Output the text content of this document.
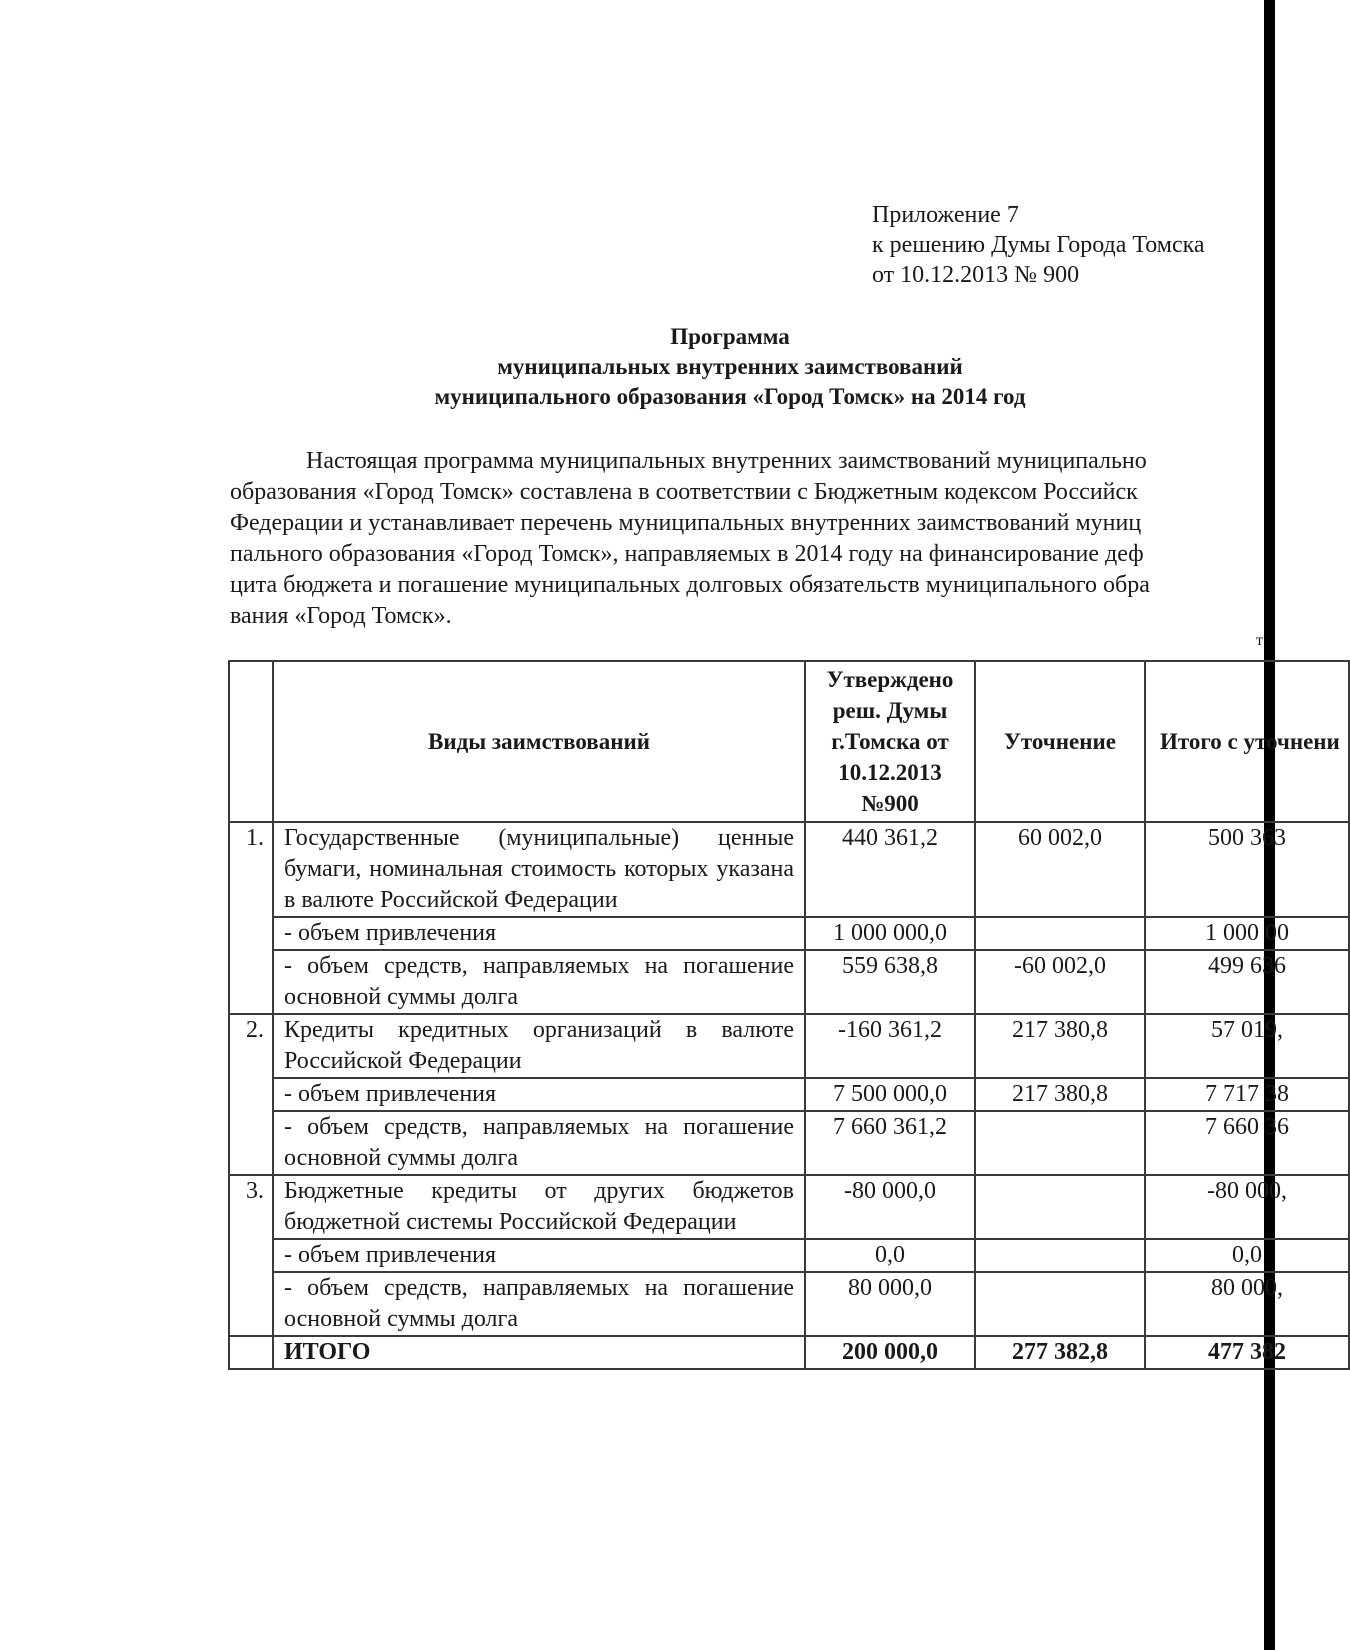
Приложение 7
к решению Думы Города Томска
от 10.12.2013 № 900
Программа
муниципальных внутренних заимствований
муниципального образования «Город Томск» на 2014 год
Настоящая программа муниципальных внутренних заимствований муниципально
образования «Город Томск» составлена в соответствии с Бюджетным кодексом Российск
Федерации и устанавливает перечень муниципальных внутренних заимствований муниц
пального образования «Город Томск», направляемых в 2014 году на финансирование деф
цита бюджета и погашение муниципальных долговых обязательств муниципального обра
вания «Город Томск».
т
	Виды заимствований	Утверждено реш. Думы г.Томска от 10.12.2013 №900	Уточнение	Итого с уточнени
1.	Государственные (муниципальные) ценные бумаги, номинальная стоимость которых указана в валюте Российской Федерации	440 361,2	60 002,0	500 363
	- объем привлечения	1 000 000,0		1 000 00
	- объем средств, направляемых на погашение основной суммы долга	559 638,8	-60 002,0	499 636
2.	Кредиты кредитных организаций в валюте Российской Федерации	-160 361,2	217 380,8	57 019,
	- объем привлечения	7 500 000,0	217 380,8	7 717 38
	- объем средств, направляемых на погашение основной суммы долга	7 660 361,2		7 660 36
3.	Бюджетные кредиты от других бюджетов бюджетной системы Российской Федерации	-80 000,0		-80 000,
	- объем привлечения	0,0		0,0
	- объем средств, направляемых на погашение основной суммы долга	80 000,0		80 000,
	ИТОГО	200 000,0	277 382,8	477 382
